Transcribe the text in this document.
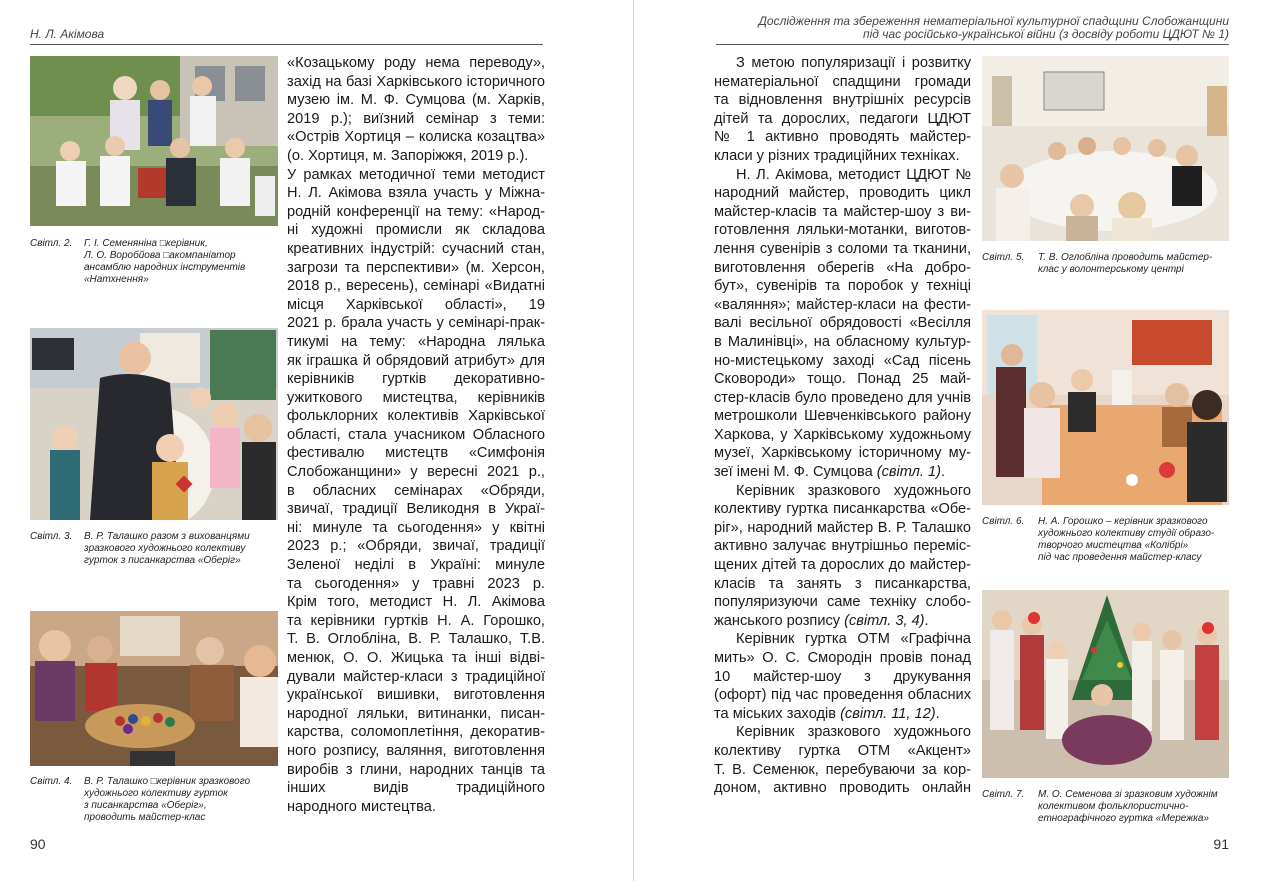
Н. Л. Акімова
Світл. 2. Г. І. Семеняніна □керівник,
Л. О. Воробйова □акомпаніатор
ансамблю народних інструментів
«Натхнення»
Світл. 3. В. Р. Талашко разом з вихованцями
зразкового художнього колективу
гурток з писанкарства «Оберіг»
Світл. 4. В. Р. Талашко □керівник зразкового
художнього колективу гурток
з писанкарства «Оберіг»,
проводить майстер-клас
«Козацькому роду нема переводу»,
захід на базі Харківського історичного
музею ім. М. Ф. Сумцова (м. Харків,
2019 р.); виїзний семінар з теми:
«Острів Хортиця – колиска козацтва»
(о. Хортиця, м. Запоріжжя, 2019 р.).
У рамках методичної теми методист
Н. Л. Акімова взяла участь у Міжна-
родній конференції на тему: «Народ-
ні художні промисли як складова
креативних індустрій: сучасний стан,
загрози та перспективи» (м. Херсон,
2018 р., вересень), семінарі «Видатні
місця Харківської області», 19
2021 р. брала участь у семінарі-прак-
тикумі на тему: «Народна лялька
як іграшка й обрядовий атрибут» для
керівників гуртків декоративно-
ужиткового мистецтва, керівників
фольклорних колективів Харківської
області, стала учасником Обласного
фестивалю мистецтв «Симфонія
Слобожанщини» у вересні 2021 р.,
в обласних семінарах «Обряди,
звичаї, традиції Великодня в Украї-
ні: минуле та сьогодення» у квітні
2023 р.; «Обряди, звичаї, традиції
Зеленої неділі в Україні: минуле
та сьогодення» у травні 2023 р.
Крім того, методист Н. Л. Акімова
та керівники гуртків Н. А. Горошко,
Т. В. Оглобліна, В. Р. Талашко, Т.В.
менюк, О. О. Жицька та інші відві-
дували майстер-класи з традиційної
української вишивки, виготовлення
народної ляльки, витинанки, писан-
карства, соломоплетіння, декоратив-
ного розпису, валяння, виготовлення
виробів з глини, народних танців та
інших видів традиційного
народного мистецтва.
90
Дослідження та збереження нематеріальної культурної спадщини Слобожанщини
під час російсько-української війни (з досвіду роботи ЦДЮТ № 1)
З метою популяризації і розвитку
нематеріальної спадщини громади
та відновлення внутрішніх ресурсів
дітей та дорослих, педагоги ЦДЮТ
№ 1 активно проводять майстер-
класи у різних традиційних техніках.
Н. Л. Акімова, методист ЦДЮТ №
народний майстер, проводить цикл
майстер-класів та майстер-шоу з ви-
готовлення ляльки-мотанки, виготов-
лення сувенірів з соломи та тканини,
виготовлення оберегів «На добро-
бут», сувенірів та поробок у техніці
«валяння»; майстер-класи на фести-
валі весільної обрядовості «Весілля
в Малинівці», на обласному культур-
но-мистецькому заході «Сад пісень
Сковороди» тощо. Понад 25 май-
стер-класів було проведено для учнів
метрошколи Шевченківського району
Харкова, у Харківському художньому
музеї, Харківському історичному му-
зеї імені М. Ф. Сумцова (світл. 1).
Керівник зразкового художнього
колективу гуртка писанкарства «Обе-
ріг», народний майстер В. Р. Талашко
активно залучає внутрішньо переміс-
щених дітей та дорослих до майстер-
класів та занять з писанкарства,
популяризуючи саме техніку слобо-
жанського розпису (світл. 3, 4).
Керівник гуртка ОТМ «Графічна
мить» О. С. Смородін провів понад
10 майстер-шоу з друкування
(офорт) під час проведення обласних
та міських заходів (світл. 11, 12).
Керівник зразкового художнього
колективу гуртка ОТМ «Акцент»
Т. В. Семенюк, перебуваючи за кор-
доном, активно проводить онлайн
Світл. 5. Т. В. Оглобліна проводить майстер-
клас у волонтерському центрі
Світл. 6. Н. А. Горошко – керівник зразкового
художнього колективу студії образо-
творчого мистецтва «Колібрі»
під час проведення майстер-класу
Світл. 7. М. О. Семенова зі зразковим художнім
колективом фольклористично-
етнографічного гуртка «Мережка»
91
